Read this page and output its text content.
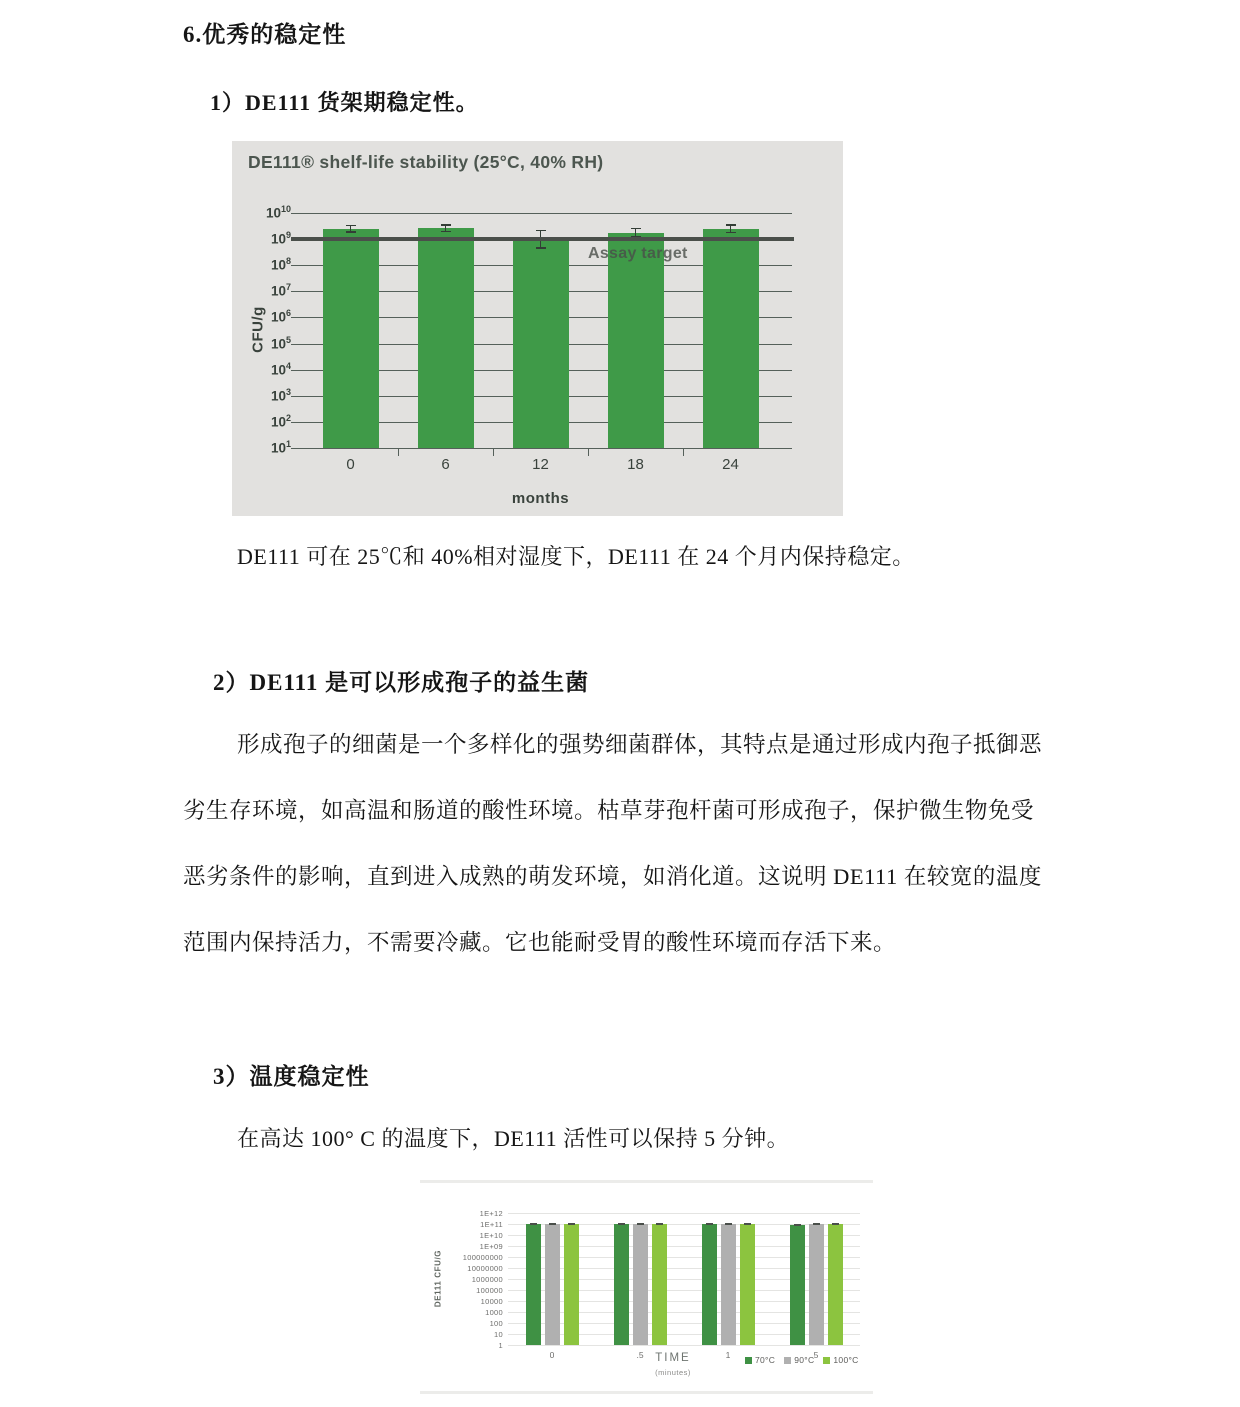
6.优秀的稳定性
1）DE111 货架期稳定性。
DE111® shelf-life stability (25°C, 40% RH)
$10^{10}$
$10^9$
$10^8$
$10^7$
$10^6$
$10^5$
$10^4$
$10^3$
$10^2$
$10^1$
CFU/g
0	6	12	18	24
Assay target
months
DE111 可在 25℃和 40%相对湿度下，DE111 在 24 个月内保持稳定。
2）DE111 是可以形成孢子的益生菌
形成孢子的细菌是一个多样化的强势细菌群体，其特点是通过形成内孢子抵御恶
劣生存环境，如高温和肠道的酸性环境。枯草芽孢杆菌可形成孢子，保护微生物免受
恶劣条件的影响，直到进入成熟的萌发环境，如消化道。这说明 DE111 在较宽的温度
范围内保持活力，不需要冷藏。它也能耐受胃的酸性环境而存活下来。
3）温度稳定性
在高达 100° C 的温度下，DE111 活性可以保持 5 分钟。
1E+12
1E+11
1E+10
1E+09
100000000
10000000
1000000
100000
10000
1000
100
10
1
DE111 CFU/G
0	.5	1	5
TIME
(minutes)
70°C 90°C 100°C
